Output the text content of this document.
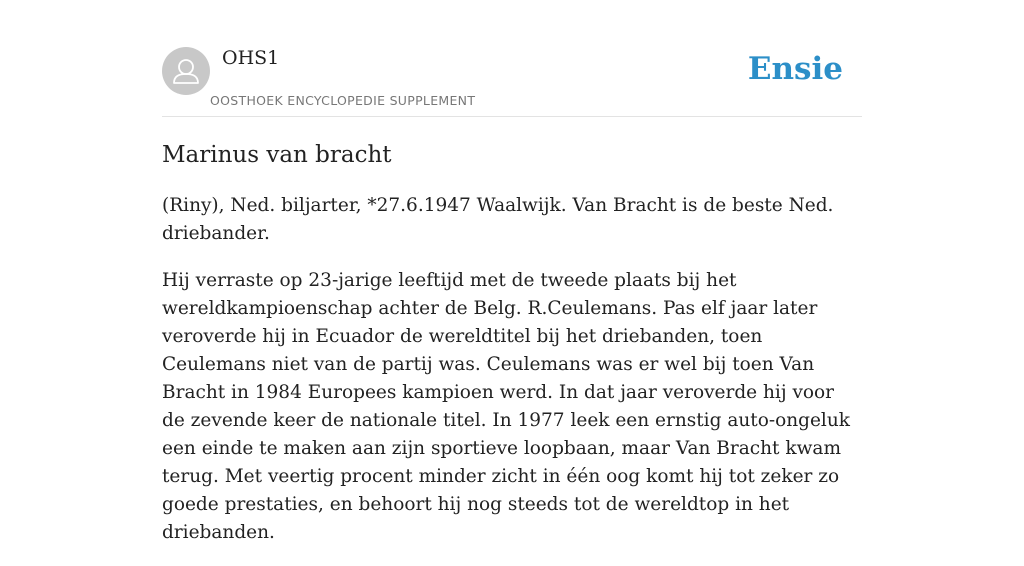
OHS1
OOSTHOEK ENCYCLOPEDIE SUPPLEMENT
Ensie
Marinus van bracht

(Riny), Ned. biljarter, *27.6.1947 Waalwijk. Van Bracht is de beste Ned. driebander.

Hij verraste op 23-jarige leeftijd met de tweede plaats bij het wereldkampioenschap achter de Belg. R.Ceulemans. Pas elf jaar later veroverde hij in Ecuador de wereldtitel bij het driebanden, toen Ceulemans niet van de partij was. Ceulemans was er wel bij toen Van Bracht in 1984 Europees kampioen werd. In dat jaar veroverde hij voor de zevende keer de nationale titel. In 1977 leek een ernstig auto-ongeluk een einde te maken aan zijn sportieve loopbaan, maar Van Bracht kwam terug. Met veertig procent minder zicht in één oog komt hij tot zeker zo goede prestaties, en behoort hij nog steeds tot de wereldtop in het driebanden.
